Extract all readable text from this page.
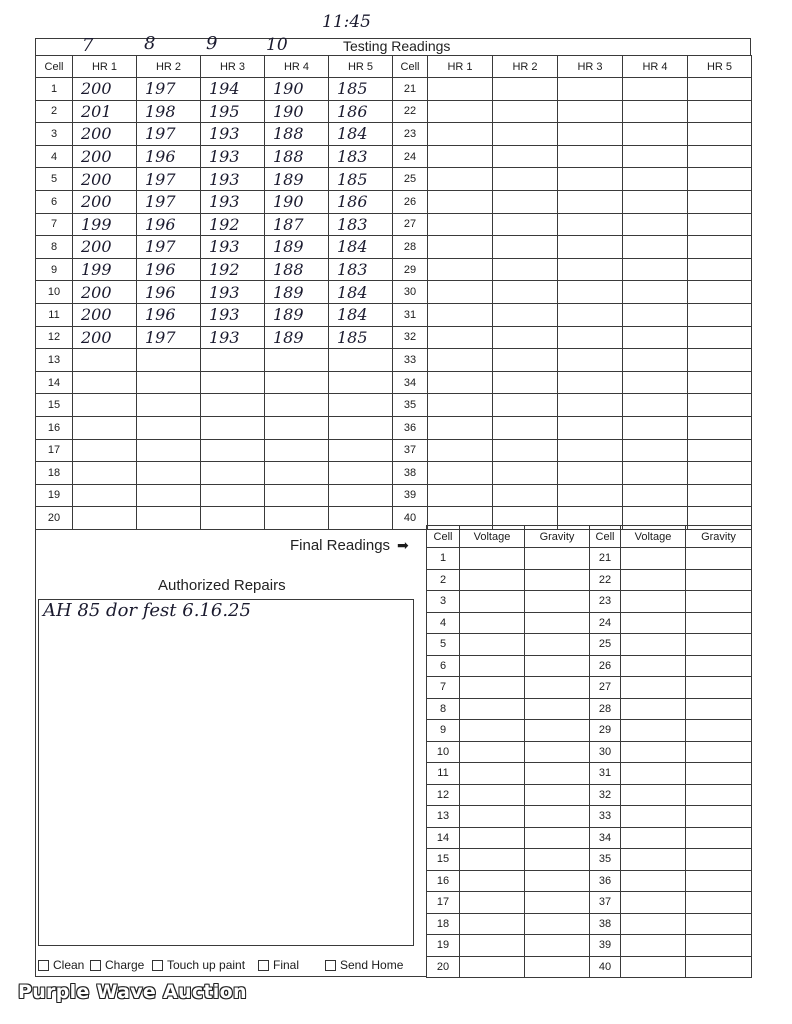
11:45
Testing Readings
7	8	9	10
Cell	HR 1	HR 2	HR 3	HR 4	HR 5	Cell	HR 1	HR 2	HR 3	HR 4	HR 5
1	200	197	194	190	185	21					
2	201	198	195	190	186	22					
3	200	197	193	188	184	23					
4	200	196	193	188	183	24					
5	200	197	193	189	185	25					
6	200	197	193	190	186	26					
7	199	196	192	187	183	27					
8	200	197	193	189	184	28					
9	199	196	192	188	183	29					
10	200	196	193	189	184	30					
11	200	196	193	189	184	31					
12	200	197	193	189	185	32					
13						33					
14						34					
15						35					
16						36					
17						37					
18						38					
19						39					
20						40					
Final Readings ➡
Cell	Voltage	Gravity	Cell	Voltage	Gravity
1			21		
2			22		
3			23		
4			24		
5			25		
6			26		
7			27		
8			28		
9			29		
10			30		
11			31		
12			32		
13			33		
14			34		
15			35		
16			36		
17			37		
18			38		
19			39		
20			40		
Authorized Repairs
AH 85 dor fest 6.16.25
Clean Charge Touch up paint Final	Send Home
Purple Wave Auction
